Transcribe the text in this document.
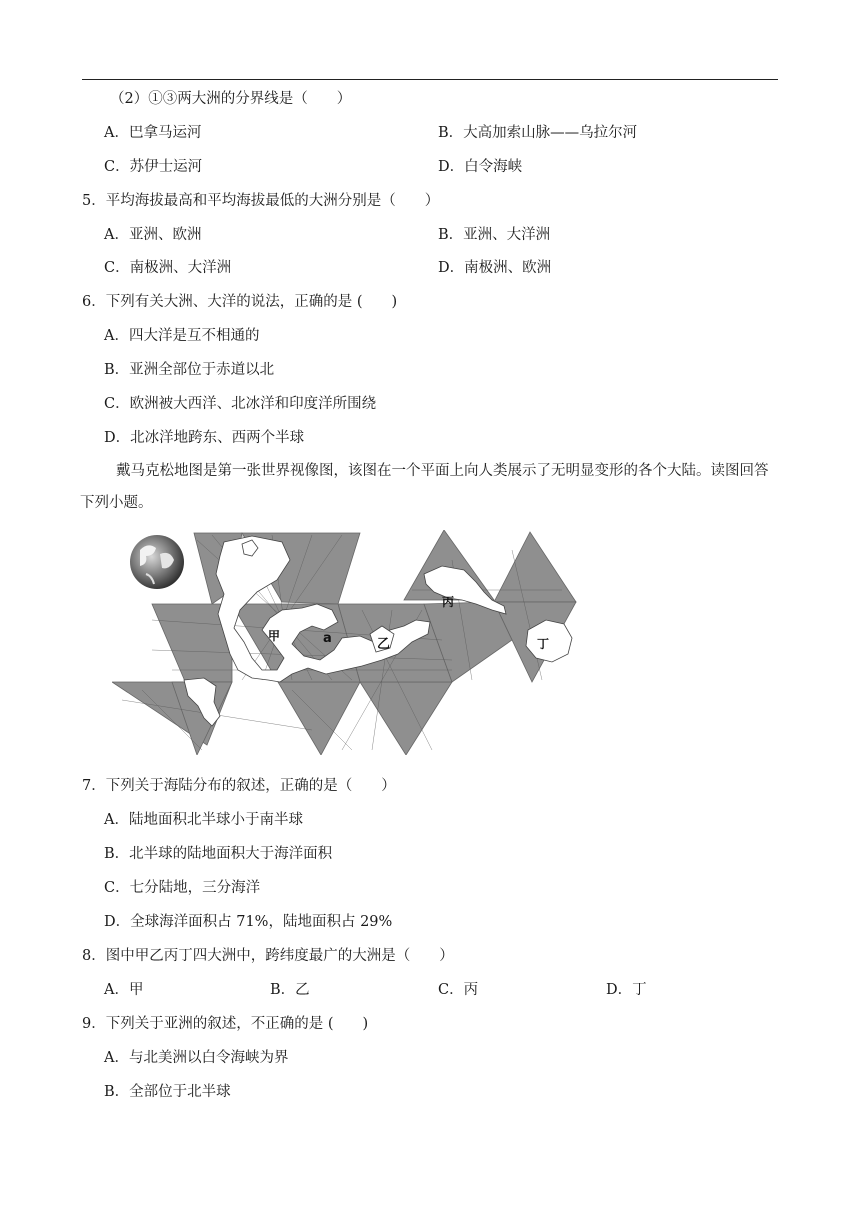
（2）①③两大洲的分界线是（　　）
A．巴拿马运河	B．大高加索山脉——乌拉尔河
C．苏伊士运河	D．白令海峡
5．平均海拔最高和平均海拔最低的大洲分别是（　　）
A．亚洲、欧洲	B．亚洲、大洋洲
C．南极洲、大洋洲	D．南极洲、欧洲
6．下列有关大洲、大洋的说法，正确的是 (　　)
A．四大洋是互不相通的
B．亚洲全部位于赤道以北
C．欧洲被大西洋、北冰洋和印度洋所围绕
D．北冰洋地跨东、西两个半球
戴马克松地图是第一张世界视像图，该图在一个平面上向人类展示了无明显变形的各个大陆。读图回答下列小题。
甲	a	乙
丙
丁
7．下列关于海陆分布的叙述，正确的是（　　）
A．陆地面积北半球小于南半球
B．北半球的陆地面积大于海洋面积
C．七分陆地，三分海洋
D．全球海洋面积占 71%，陆地面积占 29%
8．图中甲乙丙丁四大洲中，跨纬度最广的大洲是（　　）
A．甲	B．乙	C．丙	D．丁
9．下列关于亚洲的叙述，不正确的是 (　　)
A．与北美洲以白令海峡为界
B．全部位于北半球
